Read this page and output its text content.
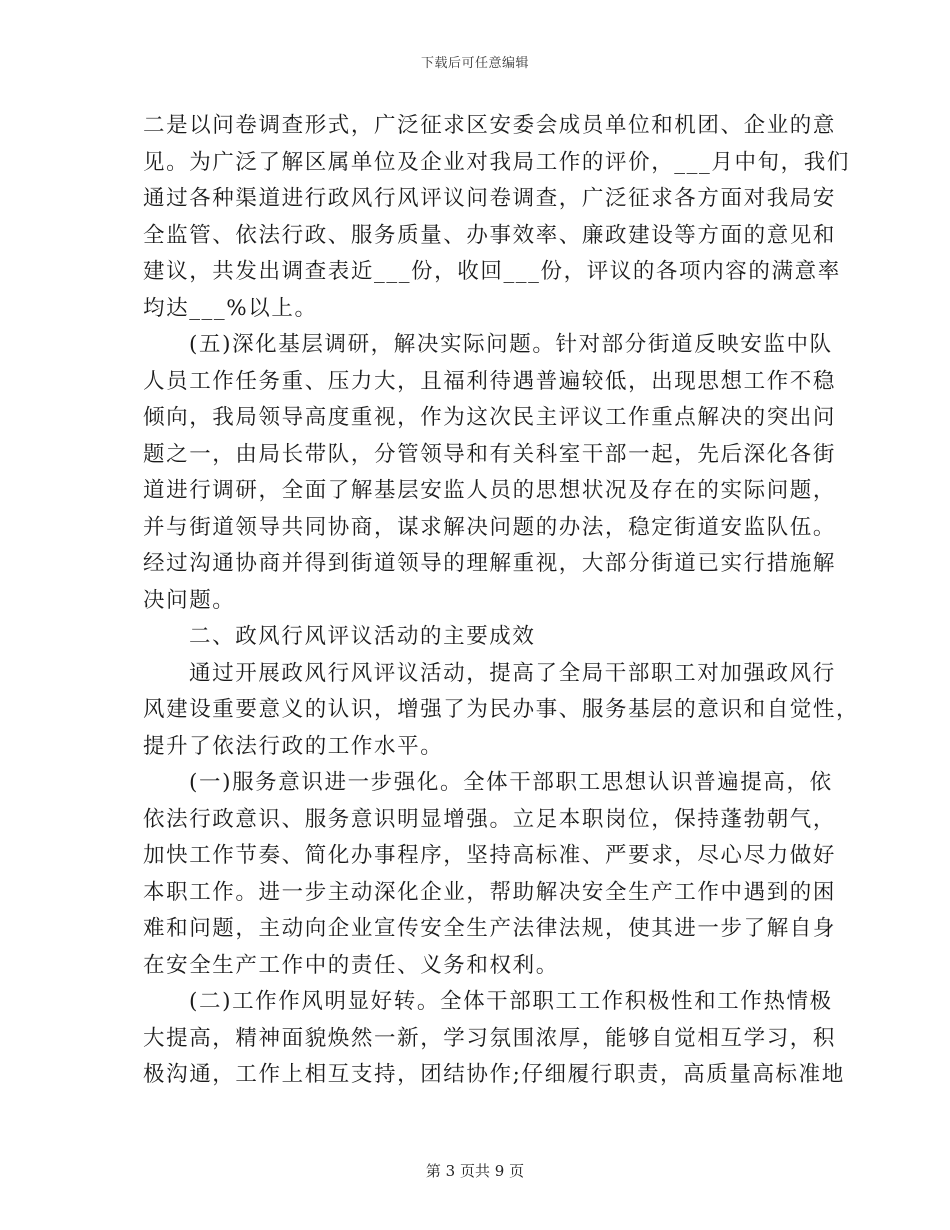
下载后可任意编辑
二是以问卷调查形式，广泛征求区安委会成员单位和机团、企业的意
见。为广泛了解区属单位及企业对我局工作的评价，___月中旬，我们
通过各种渠道进行政风行风评议问卷调查，广泛征求各方面对我局安
全监管、依法行政、服务质量、办事效率、廉政建设等方面的意见和
建议，共发出调查表近___份，收回___份，评议的各项内容的满意率
均达___%以上。
(五)深化基层调研，解决实际问题。针对部分街道反映安监中队
人员工作任务重、压力大，且福利待遇普遍较低，出现思想工作不稳
倾向，我局领导高度重视，作为这次民主评议工作重点解决的突出问
题之一，由局长带队，分管领导和有关科室干部一起，先后深化各街
道进行调研，全面了解基层安监人员的思想状况及存在的实际问题，
并与街道领导共同协商，谋求解决问题的办法，稳定街道安监队伍。
经过沟通协商并得到街道领导的理解重视，大部分街道已实行措施解
决问题。
二、政风行风评议活动的主要成效
通过开展政风行风评议活动，提高了全局干部职工对加强政风行
风建设重要意义的认识，增强了为民办事、服务基层的意识和自觉性，
提升了依法行政的工作水平。
(一)服务意识进一步强化。全体干部职工思想认识普遍提高，依
依法行政意识、服务意识明显增强。立足本职岗位，保持蓬勃朝气，
加快工作节奏、简化办事程序，坚持高标准、严要求，尽心尽力做好
本职工作。进一步主动深化企业，帮助解决安全生产工作中遇到的困
难和问题，主动向企业宣传安全生产法律法规，使其进一步了解自身
在安全生产工作中的责任、义务和权利。
(二)工作作风明显好转。全体干部职工工作积极性和工作热情极
大提高，精神面貌焕然一新，学习氛围浓厚，能够自觉相互学习，积
极沟通，工作上相互支持，团结协作;仔细履行职责，高质量高标准地
第 3 页共 9 页
